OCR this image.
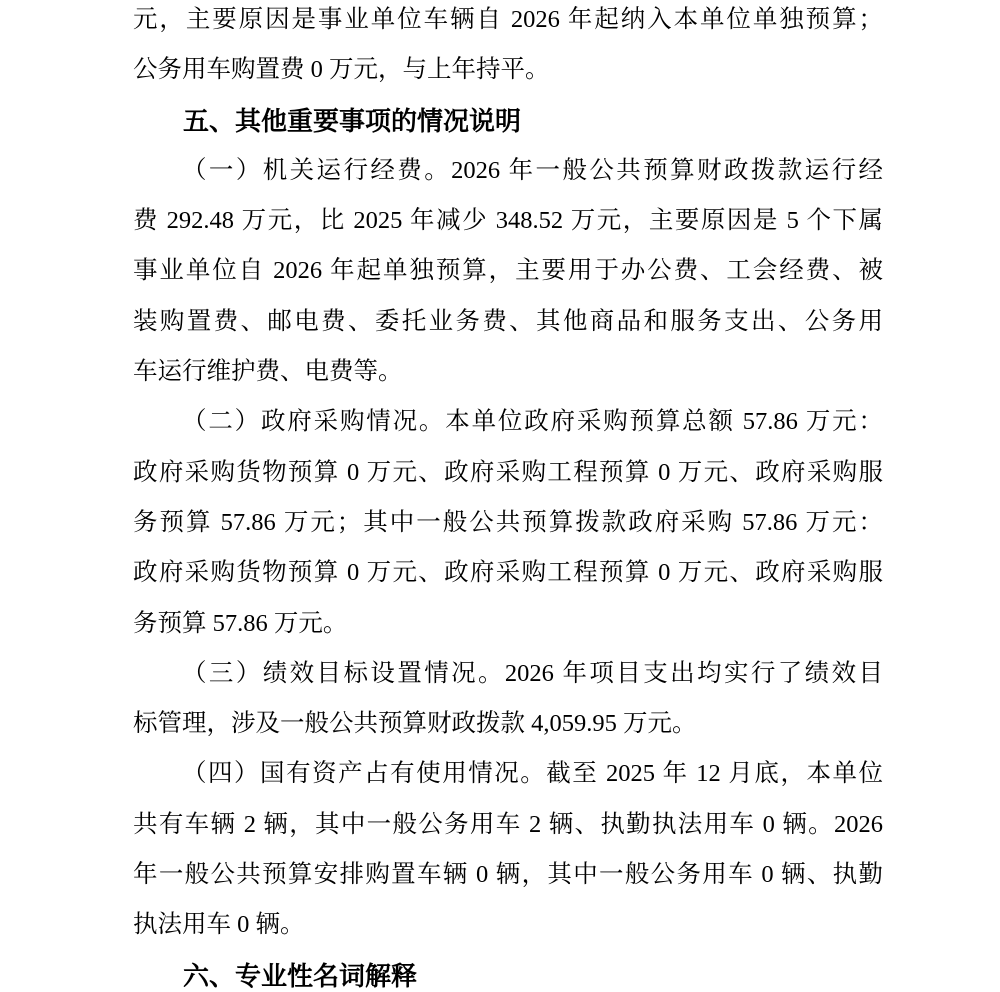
元，主要原因是事业单位车辆自 2026 年起纳入本单位单独预算；
公务用车购置费 0 万元，与上年持平。
五、其他重要事项的情况说明
（一）机关运行经费。2026 年一般公共预算财政拨款运行经
费 292.48 万元，比 2025 年减少 348.52 万元，主要原因是 5 个下属
事业单位自 2026 年起单独预算，主要用于办公费、工会经费、被
装购置费、邮电费、委托业务费、其他商品和服务支出、公务用
车运行维护费、电费等。
（二）政府采购情况。本单位政府采购预算总额 57.86 万元：
政府采购货物预算 0 万元、政府采购工程预算 0 万元、政府采购服
务预算 57.86 万元；其中一般公共预算拨款政府采购 57.86 万元：
政府采购货物预算 0 万元、政府采购工程预算 0 万元、政府采购服
务预算 57.86 万元。
（三）绩效目标设置情况。2026 年项目支出均实行了绩效目
标管理，涉及一般公共预算财政拨款 4,059.95 万元。
（四）国有资产占有使用情况。截至 2025 年 12 月底，本单位
共有车辆 2 辆，其中一般公务用车 2 辆、执勤执法用车 0 辆。2026
年一般公共预算安排购置车辆 0 辆，其中一般公务用车 0 辆、执勤
执法用车 0 辆。
六、专业性名词解释
